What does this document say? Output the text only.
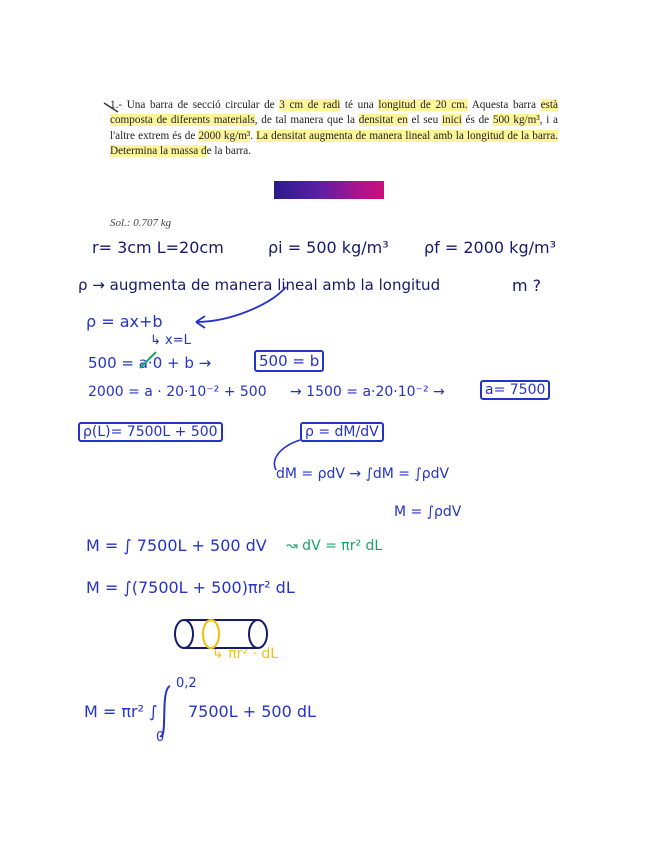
1.- Una barra de secció circular de 3 cm de radi té una longitud de 20 cm. Aquesta barra està composta de diferents materials, de tal manera que la densitat en el seu inici és de 500 kg/m³, i a l'altre extrem és de 2000 kg/m³. La densitat augmenta de manera lineal amb la longitud de la barra. Determina la massa de la barra.
Sol.: 0.707 kg
r= 3cm L=20cm	ρi = 500 kg/m³ ρf = 2000 kg/m³
ρ → augmenta de manera lineal amb la longitud	m ?
ρ = ax+b
↳ x=L
500 = a·0 + b →	500 = b
2000 = a · 20·10⁻² + 500 → 1500 = a·20·10⁻² →	a= 7500
ρ(L)= 7500L + 500	ρ = dM/dV
dM = ρdV → ∫dM = ∫ρdV
M = ∫ρdV
M = ∫ 7500L + 500 dV ↝ dV = πr² dL
M = ∫(7500L + 500)πr² dL
↳ πr² · dL
M = πr² ∫ 7500L + 500 dL
0,2
0
